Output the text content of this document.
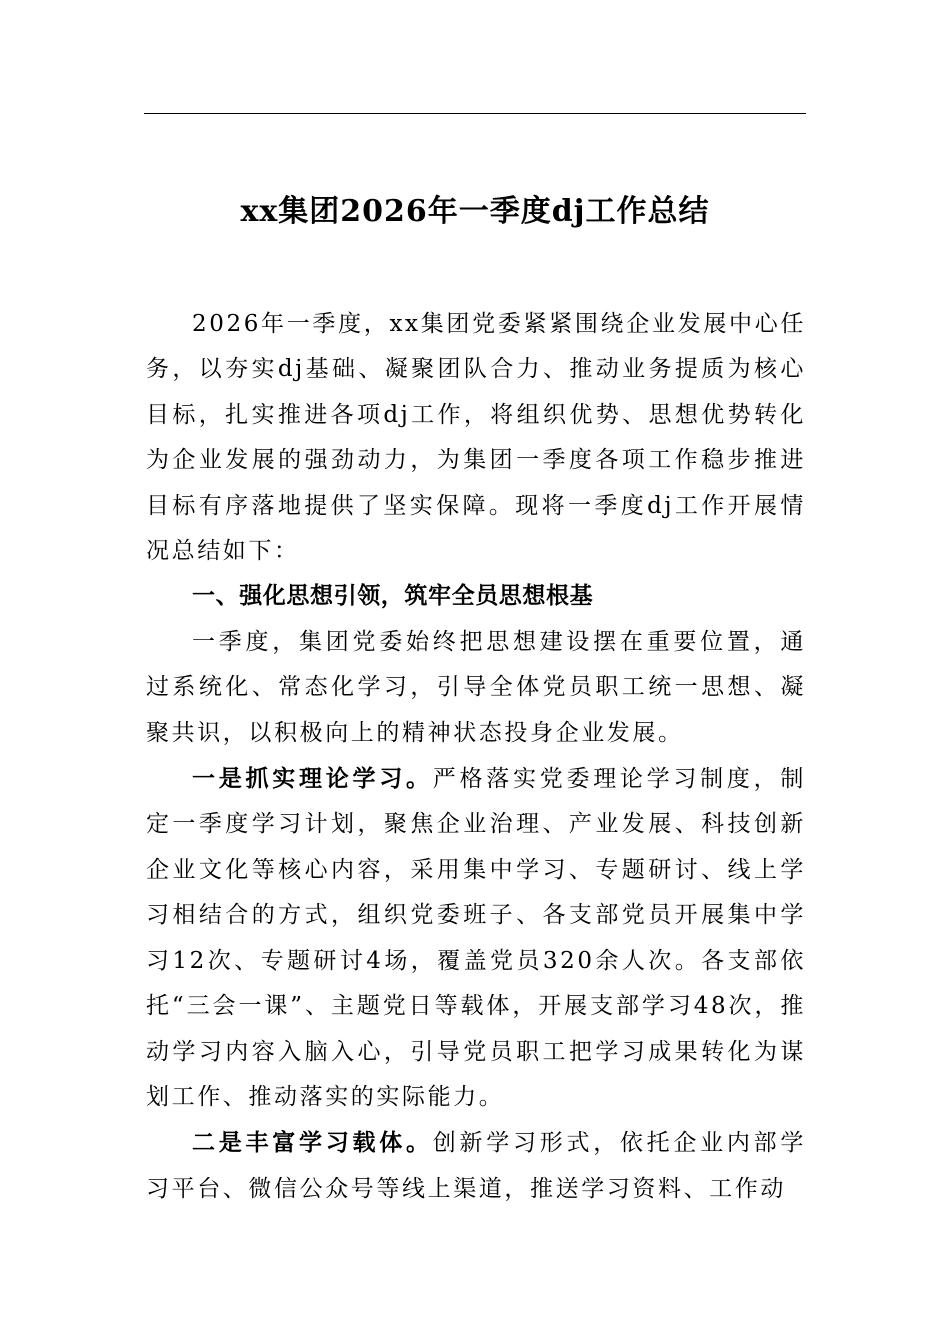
xx集团2026年一季度dj工作总结

2026年一季度，xx集团党委紧紧围绕企业发展中心任务，以夯实dj基础、凝聚团队合力、推动业务提质为核心目标，扎实推进各项dj工作，将组织优势、思想优势转化为企业发展的强劲动力，为集团一季度各项工作稳步推进目标有序落地提供了坚实保障。现将一季度dj工作开展情况总结如下：

一、强化思想引领，筑牢全员思想根基

一季度，集团党委始终把思想建设摆在重要位置，通过系统化、常态化学习，引导全体党员职工统一思想、凝聚共识，以积极向上的精神状态投身企业发展。

一是抓实理论学习。严格落实党委理论学习制度，制定一季度学习计划，聚焦企业治理、产业发展、科技创新企业文化等核心内容，采用集中学习、专题研讨、线上学习相结合的方式，组织党委班子、各支部党员开展集中学习12次、专题研讨4场，覆盖党员320余人次。各支部依托“三会一课”、主题党日等载体，开展支部学习48次，推动学习内容入脑入心，引导党员职工把学习成果转化为谋划工作、推动落实的实际能力。

二是丰富学习载体。创新学习形式，依托企业内部学习平台、微信公众号等线上渠道，推送学习资料、工作动
